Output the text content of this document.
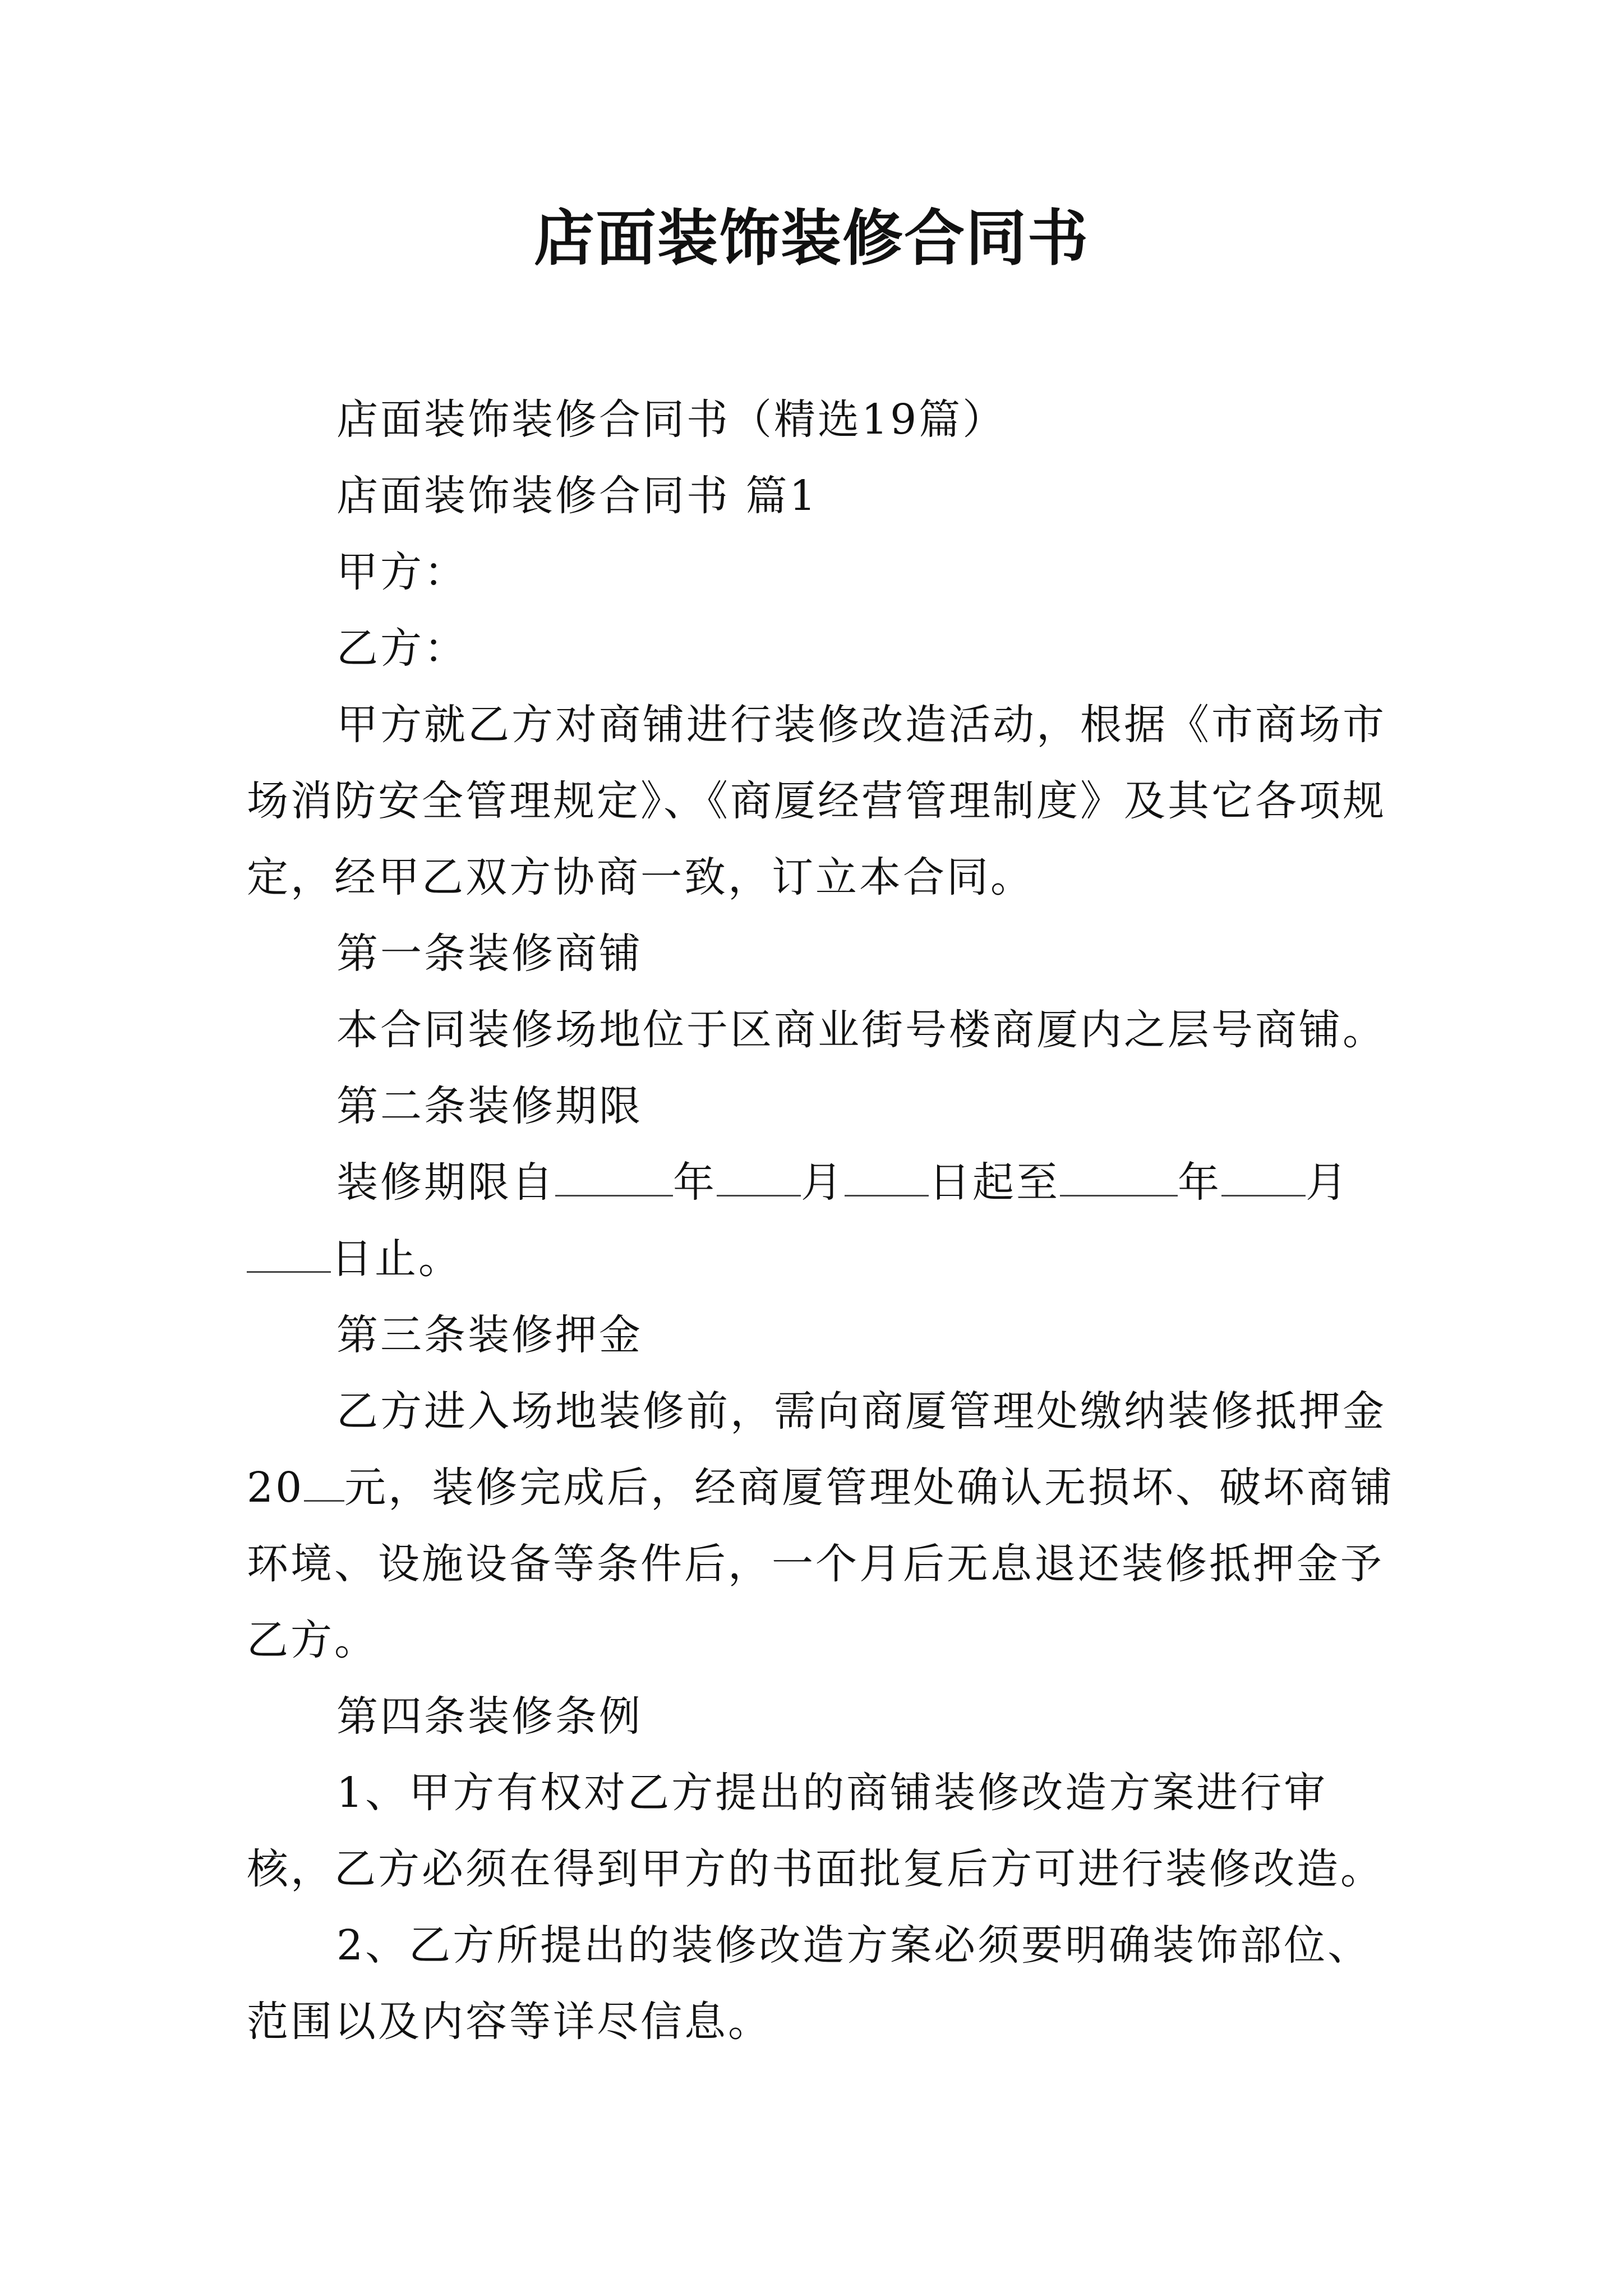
店面装饰装修合同书

店面装饰装修合同书（精选19篇）

店面装饰装修合同书 篇1

甲方：

乙方：

甲方就乙方对商铺进行装修改造活动，根据《市商场市场消防安全管理规定》、《商厦经营管理制度》及其它各项规定，经甲乙双方协商一致，订立本合同。

第一条装修商铺

本合同装修场地位于区商业街号楼商厦内之层号商铺。

第二条装修期限

装修期限自	年 月 日起至	年 月日止。

第三条装修押金

乙方进入场地装修前，需向商厦管理处缴纳装修抵押金20 元，装修完成后，经商厦管理处确认无损坏、破坏商铺环境、设施设备等条件后，一个月后无息退还装修抵押金予乙方。

第四条装修条例

1、甲方有权对乙方提出的商铺装修改造方案进行审核，乙方必须在得到甲方的书面批复后方可进行装修改造。

2、乙方所提出的装修改造方案必须要明确装饰部位、范围以及内容等详尽信息。
